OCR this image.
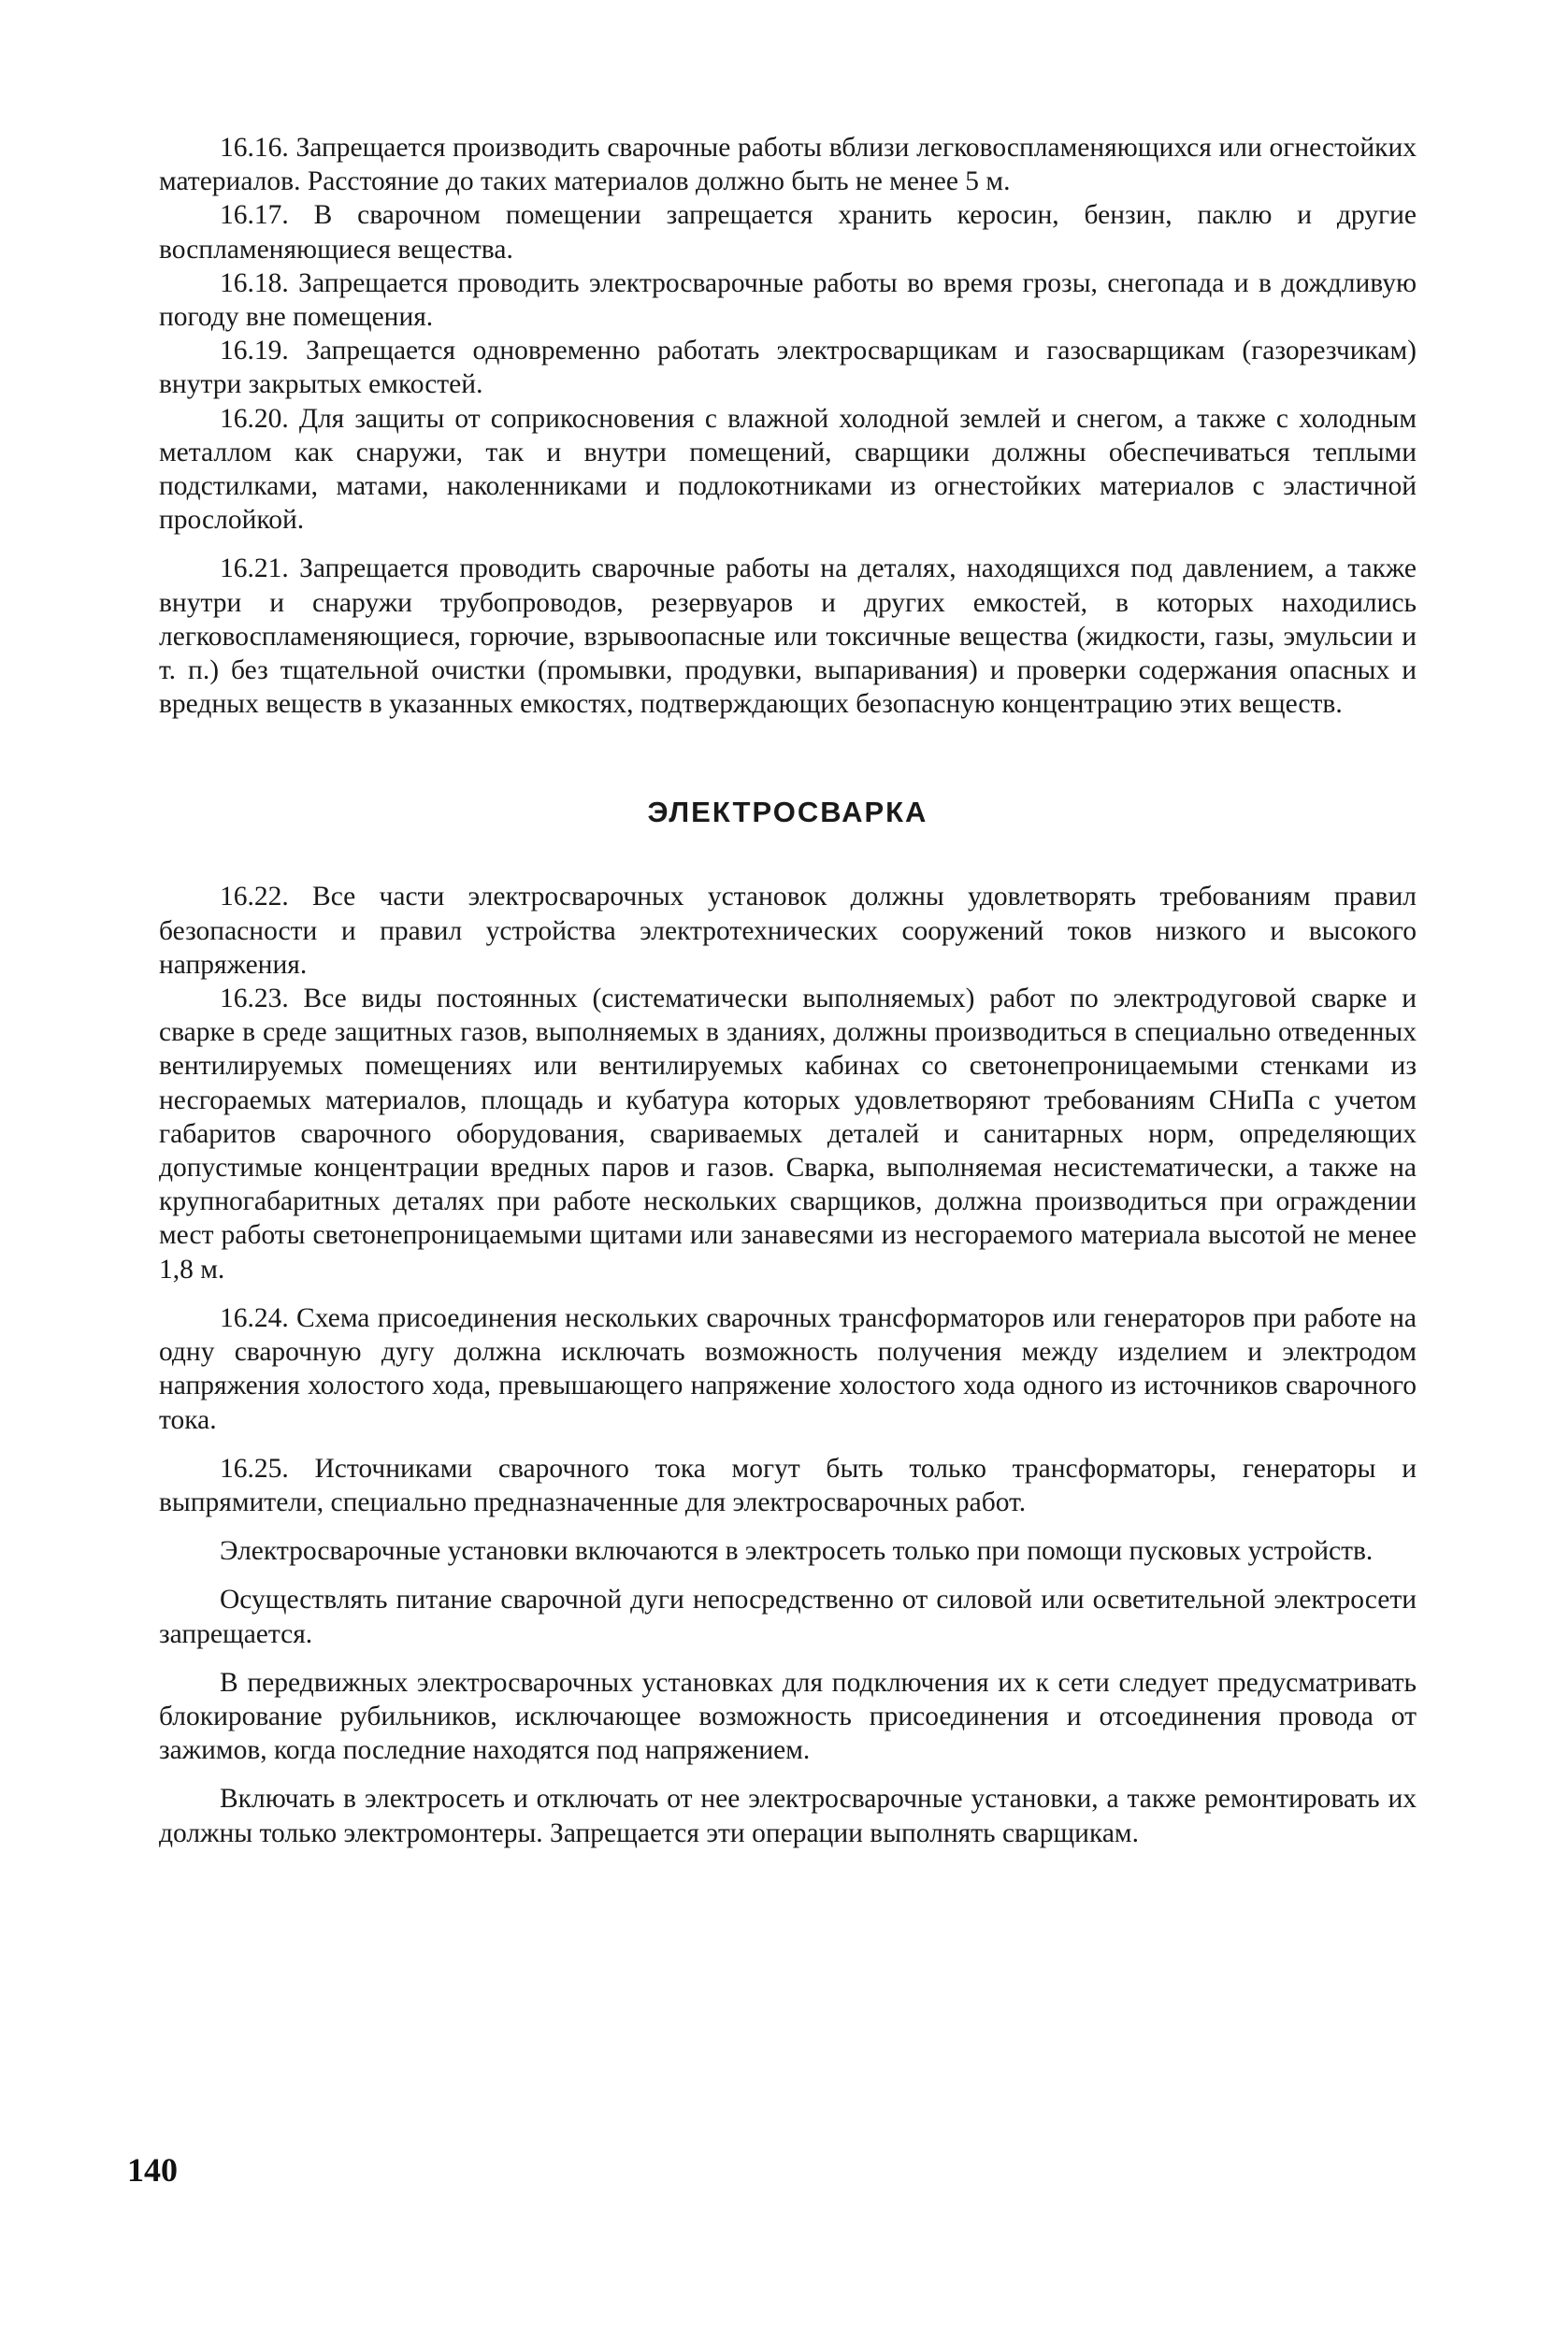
16.16. Запрещается производить сварочные работы вблизи легковоспламеняющихся или огнестойких материалов. Расстояние до таких материалов должно быть не менее 5 м.

16.17. В сварочном помещении запрещается хранить керосин, бензин, паклю и другие воспламеняющиеся вещества.

16.18. Запрещается проводить электросварочные работы во время грозы, снегопада и в дождливую погоду вне помещения.

16.19. Запрещается одновременно работать электросварщикам и газосварщикам (газорезчикам) внутри закрытых емкостей.

16.20. Для защиты от соприкосновения с влажной холодной землей и снегом, а также с холодным металлом как снаружи, так и внутри помещений, сварщики должны обеспечиваться теплыми подстилками, матами, наколенниками и подлокотниками из огнестойких материалов с эластичной прослойкой.

16.21. Запрещается проводить сварочные работы на деталях, находящихся под давлением, а также внутри и снаружи трубопроводов, резервуаров и других емкостей, в которых находились легковоспламеняющиеся, горючие, взрывоопасные или токсичные вещества (жидкости, газы, эмульсии и т. п.) без тщательной очистки (промывки, продувки, выпаривания) и проверки содержания опасных и вредных веществ в указанных емкостях, подтверждающих безопасную концентрацию этих веществ.

ЭЛЕКТРОСВАРКА

16.22. Все части электросварочных установок должны удовлетворять требованиям правил безопасности и правил устройства электротехнических сооружений токов низкого и высокого напряжения.

16.23. Все виды постоянных (систематически выполняемых) работ по электродуговой сварке и сварке в среде защитных газов, выполняемых в зданиях, должны производиться в специально отведенных вентилируемых помещениях или вентилируемых кабинах со светонепроницаемыми стенками из несгораемых материалов, площадь и кубатура которых удовлетворяют требованиям СНиПа с учетом габаритов сварочного оборудования, свариваемых деталей и санитарных норм, определяющих допустимые концентрации вредных паров и газов. Сварка, выполняемая несистематически, а также на крупногабаритных деталях при работе нескольких сварщиков, должна производиться при ограждении мест работы светонепроницаемыми щитами или занавесями из несгораемого материала высотой не менее 1,8 м.

16.24. Схема присоединения нескольких сварочных трансформаторов или генераторов при работе на одну сварочную дугу должна исключать возможность получения между изделием и электродом напряжения холостого хода, превышающего напряжение холостого хода одного из источников сварочного тока.

16.25. Источниками сварочного тока могут быть только трансформаторы, генераторы и выпрямители, специально предназначенные для электросварочных работ.

Электросварочные установки включаются в электросеть только при помощи пусковых устройств.

Осуществлять питание сварочной дуги непосредственно от силовой или осветительной электросети запрещается.

В передвижных электросварочных установках для подключения их к сети следует предусматривать блокирование рубильников, исключающее возможность присоединения и отсоединения провода от зажимов, когда последние находятся под напряжением.

Включать в электросеть и отключать от нее электросварочные установки, а также ремонтировать их должны только электромонтеры. Запрещается эти операции выполнять сварщикам.

140
